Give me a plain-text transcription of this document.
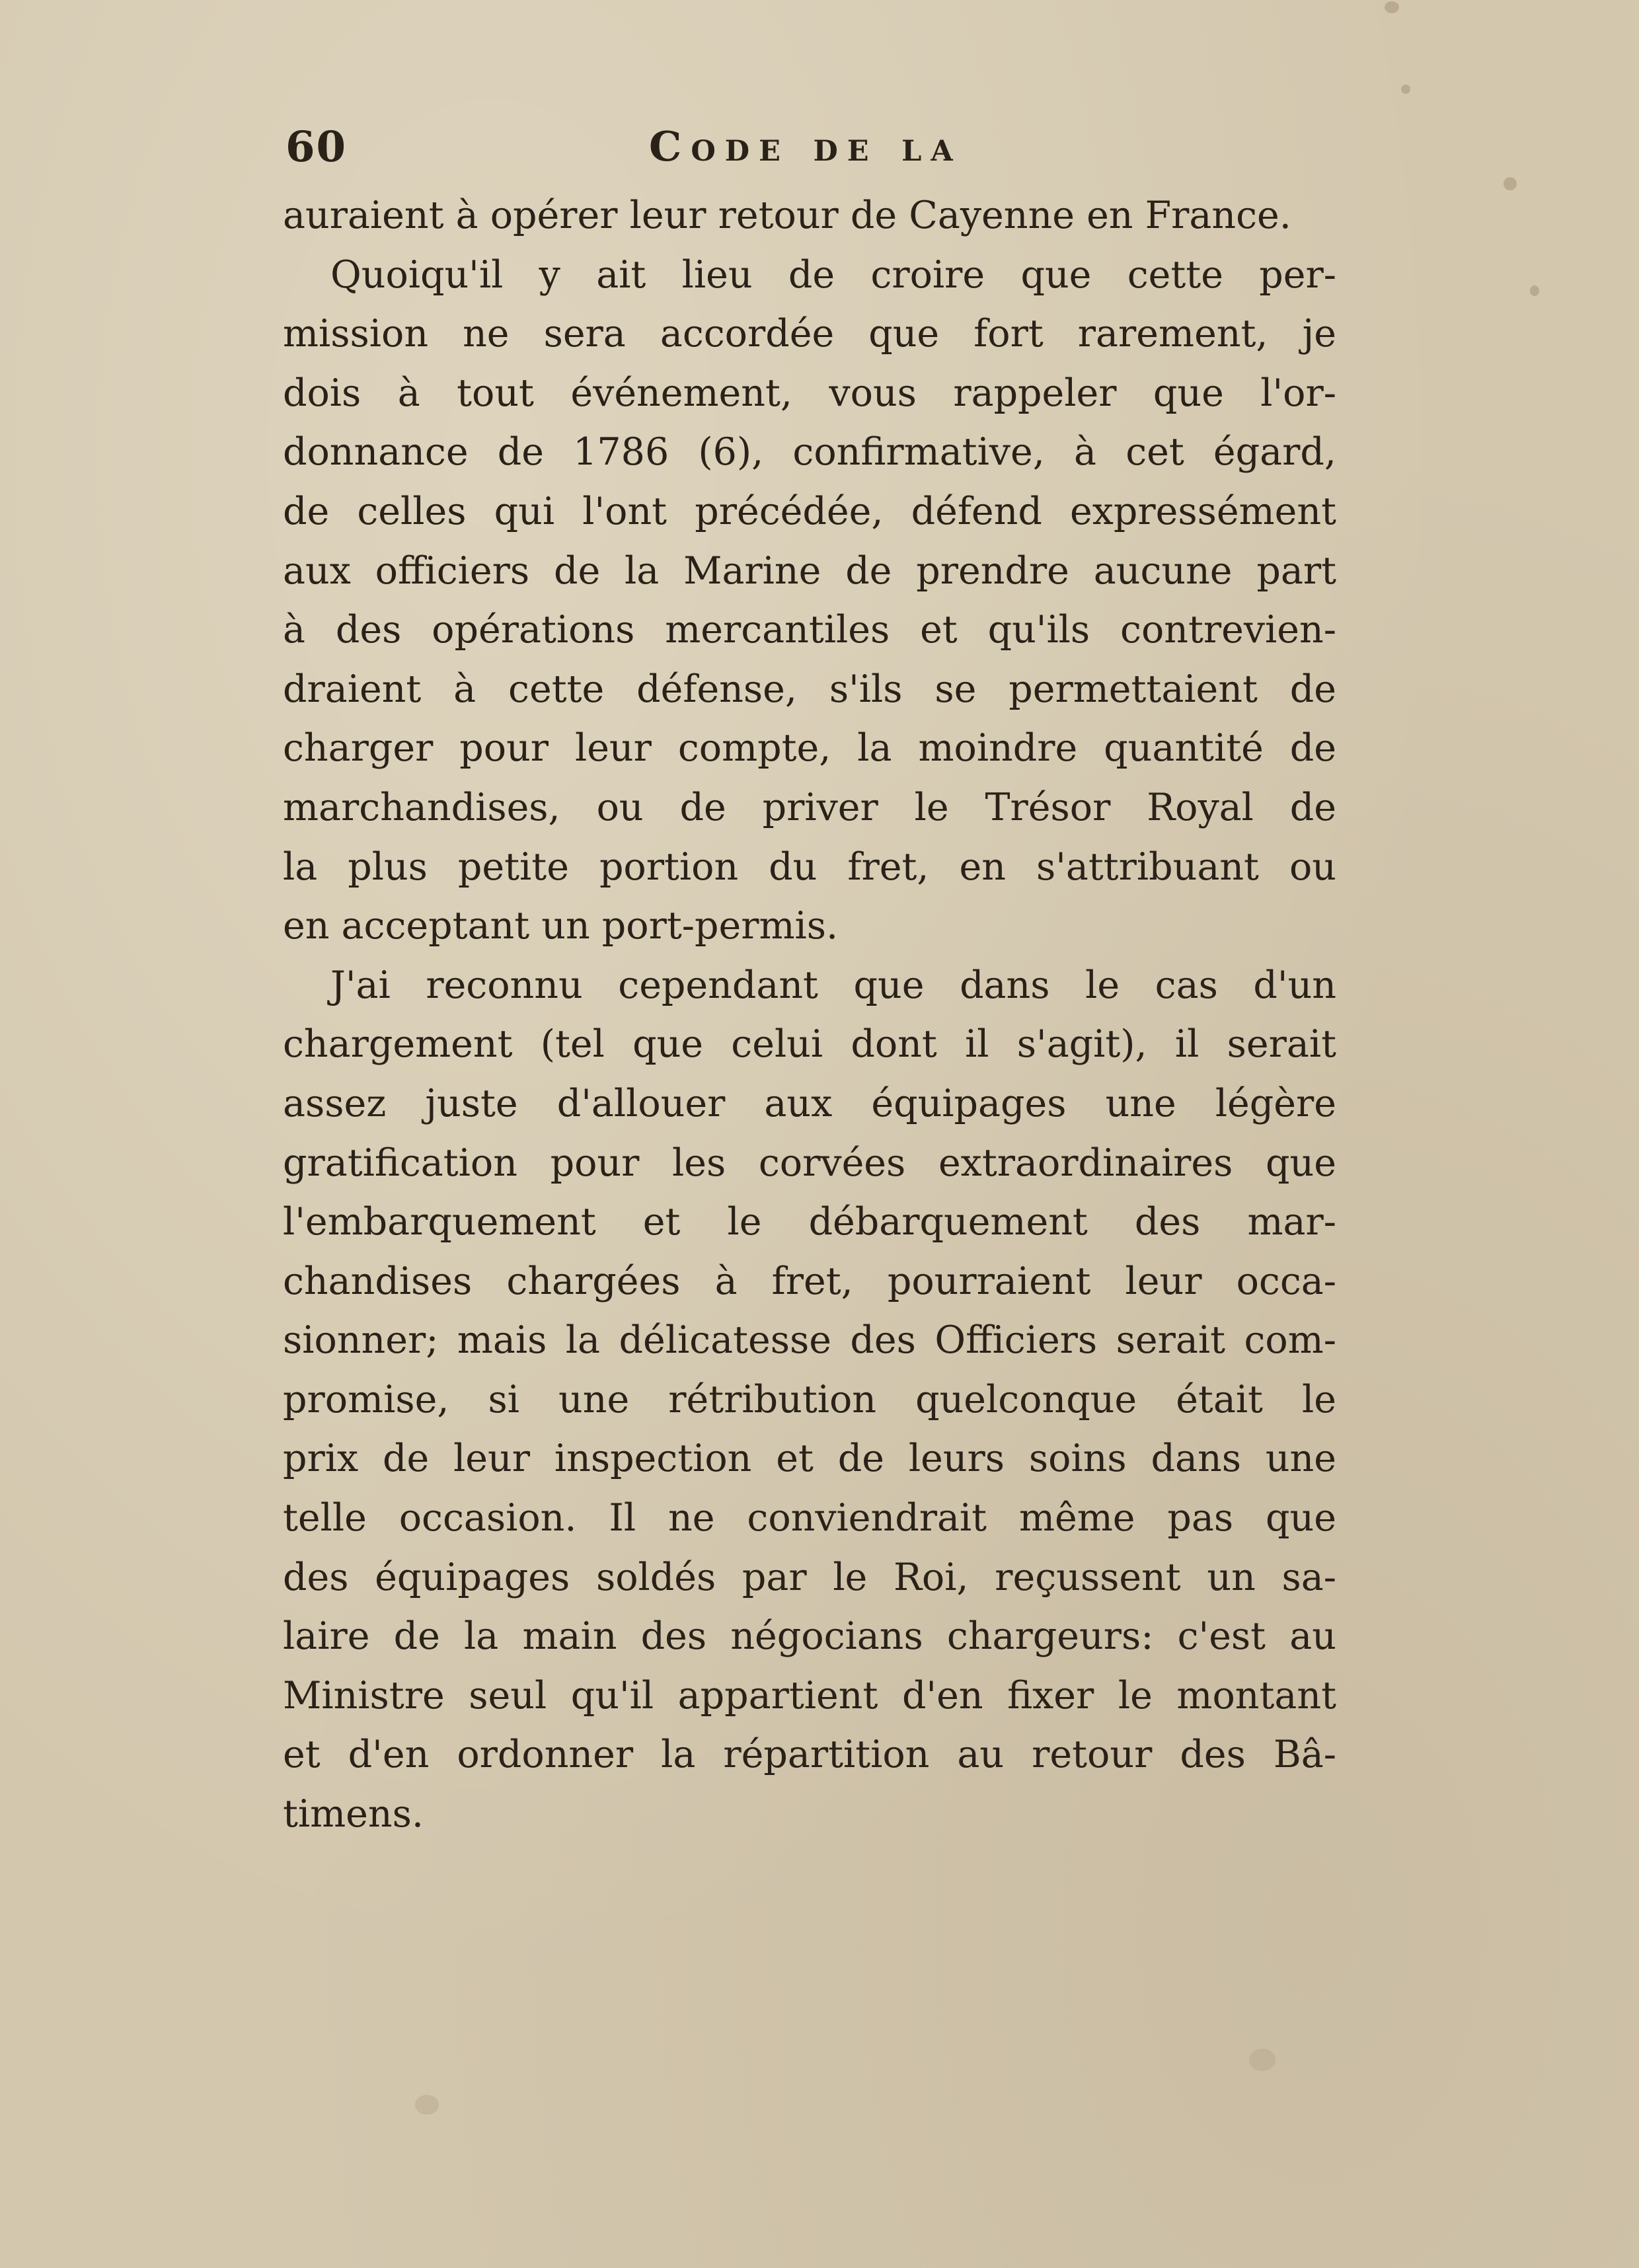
60	Code de la
auraient à opérer leur retour de Cayenne en France.
Quoiqu'il y ait lieu de croire que cette per-
mission ne sera accordée que fort rarement, je
dois à tout événement, vous rappeler que l'or-
donnance de 1786 (6), confirmative, à cet égard,
de celles qui l'ont précédée, défend expressément
aux officiers de la Marine de prendre aucune part
à des opérations mercantiles et qu'ils contrevien-
draient à cette défense, s'ils se permettaient de
charger pour leur compte, la moindre quantité de
marchandises, ou de priver le Trésor Royal de
la plus petite portion du fret, en s'attribuant ou
en acceptant un port-permis.
J'ai reconnu cependant que dans le cas d'un
chargement (tel que celui dont il s'agit), il serait
assez juste d'allouer aux équipages une légère
gratification pour les corvées extraordinaires que
l'embarquement et le débarquement des mar-
chandises chargées à fret, pourraient leur occa-
sionner; mais la délicatesse des Officiers serait com-
promise, si une rétribution quelconque était le
prix de leur inspection et de leurs soins dans une
telle occasion. Il ne conviendrait même pas que
des équipages soldés par le Roi, reçussent un sa-
laire de la main des négocians chargeurs: c'est au
Ministre seul qu'il appartient d'en fixer le montant
et d'en ordonner la répartition au retour des Bâ-
timens.
